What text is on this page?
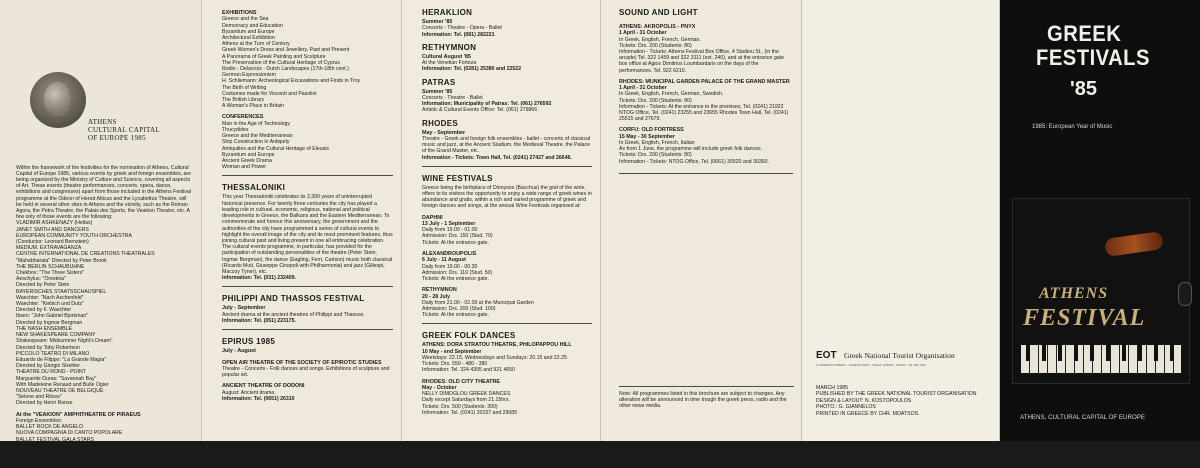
ATHENS
CULTURAL CAPITAL
OF EUROPE 1985

Within the framework of the festivities for the nomination of Athens, Cultural Capital of Europe 1985, various events by greek and foreign ensembles, are being organized by the Ministry of Culture and Science, covering all aspects of Art. These events (theatre performances, concerts, opera, dance, exhibitions and congresses) apart from those included in the Athens Festival programme at the Odeon of Herod Atticus and the Lycabettus Theatre, will be held in several other sites in Athens and the vicinity, such as the Roman Agora, the Petra Theatre, the Palais des Sports, the Veakion Theatre, etc. A few only of those events are the following:

VLADIMIR ASHKENAZY (Hellas)
JANET SMITH AND DANCERS
EUROPEAN COMMUNITY YOUTH ORCHESTRA
(Conductor: Leonard Bernstein)
MEDIUM. EXTRAVAGANZA
CENTRE INTERNATIONAL DE CREATIONS THEATRALES
"Mahabharata" Directed by Peter Brook
THE BERLIN SCHAUBUHNE
Chekhov: "The Three Sisters"
Aeschylus: "Oresteia"
Directed by Peter Stein
BAYERISCHES STAATSSCHAUSPIEL
Waechter: "Nach Aschenfeld"
Waechter: "Kiebich und Dutz"
Directed by F. Waechter
Ibsen: "John Gabriel Bjorkman"
Directed by Ingmar Bergman
THE NASH ENSEMBLE
NEW SHAKESPEARE COMPANY
Shakespeare: Midsummer Night's Dream"
Directed by Toby Robertson
PICCOLO TEATRO DI MILANO
Eduardo de Filippo: "La Grande Magia"
Directed by Giorgio Strehler
THEATRE DU ROND - POINT
Marguerite Duras: "Savannah Bay"
With Madeleine Renaud and Bulle Ogier
NOUVEAU THEATRE DE BELGIQUE
"Selene and Ritsos"
Directed by Henri Ronse

At the "VEAKION" AMPHITHEATRE OF PIRAEUS

Foreign Ensembles:
BALLET ROCK DE ANGELO
NUOVA COMPAGNIA DI CANTO POPOLARE
BALLET FESTIVAL GALA STARS
MATSUYAMA BALLET OF TOKYO
MUSICAL - ACROBATIC CHINESE THEATRE
TROPICANA REVUE OF CUBA
ROCK OPERA OF MOSCOW

EXHIBITIONS

Greece and the Sea
Democracy and Education
Byzantium and Europe
Architectural Exhibition
Athens at the Turn of Century
Greek Women's Dress and Jewellery, Past and Present
A Panorama of Greek Painting and Sculpture
The Preservation of the Cultural Heritage of Cyprus
Rodin - Delacroix - Dutch Landscapes (17th-18th cent.)
German Expressionism
H. Schliemann: Archeological Excavations and Finds in Troy
The Birth of Writing
Costumes made for Visconti and Pasolini
The British Library
A Woman's Place in Britain

CONFERENCES

Man in the Age of Technology
Thucydides
Greece and the Mediterranean
Ship Construction in Antiquity
Antiquities and the Cultural Heritage of Eleusis
Byzantium and Europe
Ancient Greek Drama
Woman and Power

THESSALONIKI

This year Thessaloniki celebrates its 2,300 years of uninterrupted historical presence. For twenty three centuries the city has played a leading role in cultural, economic, religious, national and political developments in Greece, the Balkans and the Eastern Mediterranean. To commemorate and honour this anniversary, the government and the authorities of the city have programmed a series of cultural events to highlight the overall image of the city and its most prominent features, thus joining cultural past and living present in one all embracing celebration. The cultural events programme, in particular, has provided for the participation of outstanding personalities of the theatre (Peter Stein, Ingmar Bergman), the dance (Eagling, Ferri, Carlson) music both classical (Ricardo Muti, Giuseppe Cinopoli with Philharmonia) and jazz (Gillespi, Maccoy Tyner), etc.

Information: Tel. (031) 232409.

PHILIPPI AND THASSOS FESTIVAL

July - September

Ancient drama at the ancient theatres of Philippi and Thassos.

Information: Tel. (051) 223175.

EPIRUS 1985

July - August

OPEN AIR THEATRE OF THE SOCIETY OF EPIROTIC STUDIES

Theatre - Concerts - Folk dances and songs. Exhibitions of sculpture and popular art.

ANCIENT THEATRE OF DODONI

August: Ancient drama.

Information: Tel. (0651) 26310

HERAKLION

Summer '85

Concerts - Theatre - Opera - Ballet

Information: Tel. (081) 282221

RETHYMNON

Cultural August '85

At the Venetian Forteza

Information: Tel. (0281) 25380 and 22522

PATRAS

Summer '85

Concerts - Theatre - Ballet

Information: Municipality of Patras: Tel. (061) 276592

Artistic & Cultural Events Office: Tel. (061) 279866

RHODES

May - September

Theatre - Greek and foreign folk ensembles - ballet - concerts of classical music and jazz, at the Ancient Stadium, the Medieval Theatre, the Palace of the Grand Master, etc.

Information - Tickets: Town Hall, Tel. (0241) 27427 and 26646.

WINE FESTIVALS

Greece being the birthplace of Dionysos (Bacchus) the god of the wine, offers to its visitors the opportunity to enjoy a wide range of greek wines in abundance and gratis, within a rich and varied programme of greek and foreign dances and songs, at the annual Wine Festivals organised at:

DAPHNI

13 July - 1 September
Daily from 19.00 - 01.00
Admission: Drs. 150 (Stud. 70)
Tickets: At the entrance gate.

ALEXANDROUPOLIS

6 July - 11 August
Daily from 19.00 - 00.30
Admission: Drs. 110 (Stud. 50)
Tickets: At the entrance gate.

RETHYMNON

20 - 28 July
Daily from 21.00 - 02.00 at the Municipal Garden
Admission: Drs. 200 (Stud. 100)
Tickets: At the entrance gate.

GREEK FOLK DANCES

ATHENS: DORA STRATOU THEATRE, PHILOPAPPOU HILL

10 May - end September
Weekdays: 22.15, Wednesdays and Sundays: 20.15 and 22.25
Tickets: Drs. 550 - 480 - 380
Information: Tel. 324 4395 and 921 4650

RHODES: OLD CITY THEATRE

May - October
NELLY DIMOGLOU GREEK DANCES
Daily except Saturdays from 21.15hrs.
Tickets: Drs. 500 (Students: 300)
Information: Tel. (0241) 20157 and 29085

SOUND AND LIGHT

ATHENS: AKROPOLIS - PNYX

1 April - 31 October
In Greek, English, French, German.
Tickets: Drs. 200 (Students: 80)

Information - Tickets: Athens Festival Box Office, 4 Stadiou St., (in the arcade) Tel. 322 1459 and 322 3111 (ext. 240), and at the entrance gate box office at Agios Dimitrios Loumbardaris on the days of the performances. Tel. 922 6210.

RHODES: MUNICIPAL GARDEN PALACE OF THE GRAND MASTER

1 April - 31 October
In Greek, English, French, German, Swedish.
Tickets: Drs. 200 (Students: 80)

Information - Tickets: At the entrance to the premises, Tel. (0241) 21922 NTOG Office, Tel. (0241) 23255 and 23655 Rhodes Town Hall, Tel. (0241) 25515 and 27679.

CORFU: OLD FORTRESS

15 May - 30 September
In Greek, English, French, Italian
As from 1 June, the programme will include greek folk dances.
Tickets: Drs. 200 (Students: 80)

Information - Tickets: NTOG Office, Tel. (0661) 30520 and 30360.

Note: All programmes listed in this brochure are subject to changes. Any alteration will be announced in time trough the greek press, radio and the other news media.

EOT Greek National Tourist Organisation
2, AMERIKIS STREET - ATHENS 10110 - TELEX: 215832 - 219711 - Tel. 322 3111
MARCH 1985
PUBLISHED BY THE GREEK NATIONAL TOURIST ORGANISATION
DESIGN & LAYOUT: N. KOSTOPOULOS
PHOTO.: G. GIANNELOS
PRINTED IN GREECE BY CHR. MOATSOS.
GREEK
FESTIVALS
'85
1985: European Year of Music
ATHENS
FESTIVAL
ATHENS, CULTURAL CAPITAL OF EUROPE
